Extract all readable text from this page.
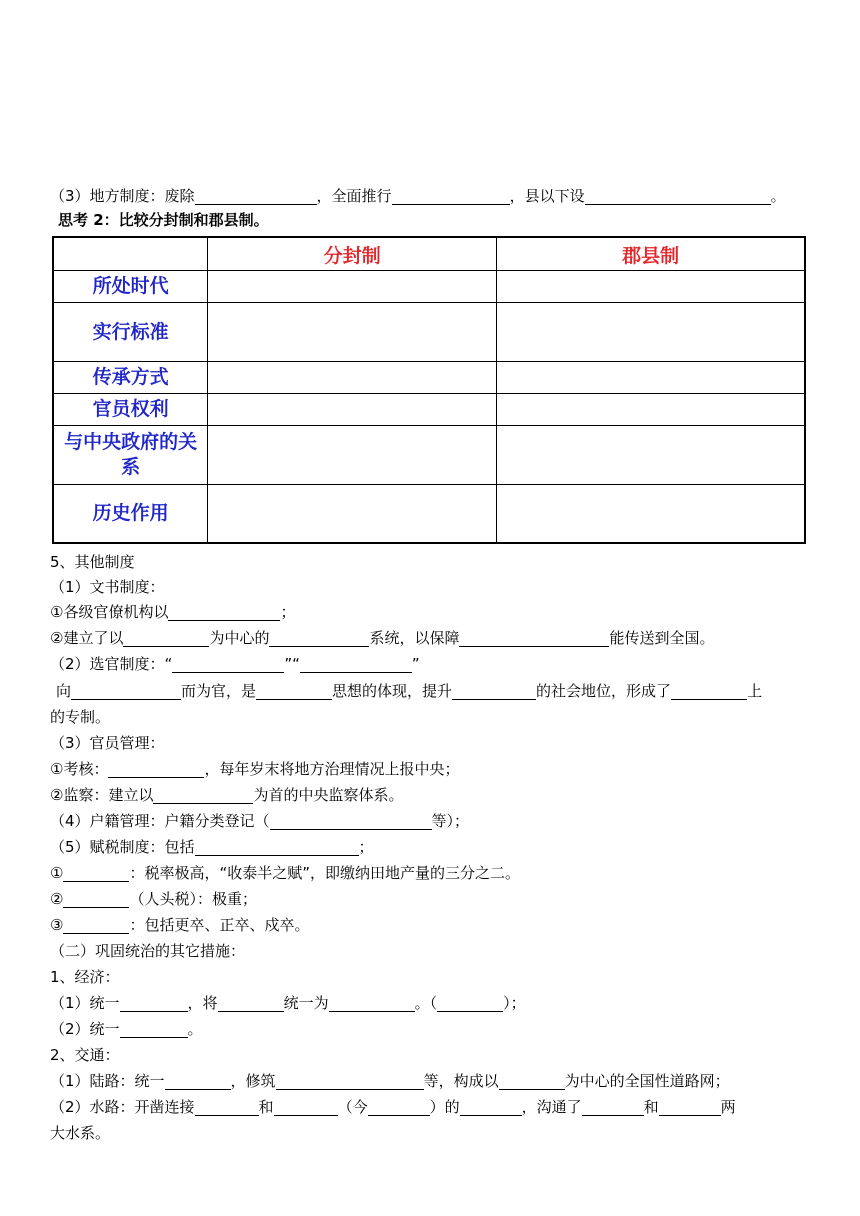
（3）地方制度：废除	，全面推行	，县以下设	。
思考 2：比较分封制和郡县制。
	分封制	郡县制
所处时代		
实行标准		
传承方式		
官员权利		
与中央政府的关系		
历史作用		
5、其他制度
（1）文书制度：
①各级官僚机构以	；
②建立了以	为中心的	系统，以保障	能传送到全国。
（2）选官制度：“	”“	”
向	而为官，是	思想的体现，提升	的社会地位，形成了	上
的专制。
（3）官员管理：
①考核：	，每年岁末将地方治理情况上报中央；
②监察：建立以	为首的中央监察体系。
（4）户籍管理：户籍分类登记（	等）；
（5）赋税制度：包括	；
①	：税率极高，“收泰半之赋”，即缴纳田地产量的三分之二。
②	（人头税）：极重；
③	：包括更卒、正卒、戍卒。
（二）巩固统治的其它措施：
1、经济：
（1）统一	，将	统一为	。（	）；
（2）统一	。
2、交通：
（1）陆路：统一	，修筑	等，构成以	为中心的全国性道路网；
（2）水路：开凿连接	和	（今	）的	，沟通了	和	两
大水系。
